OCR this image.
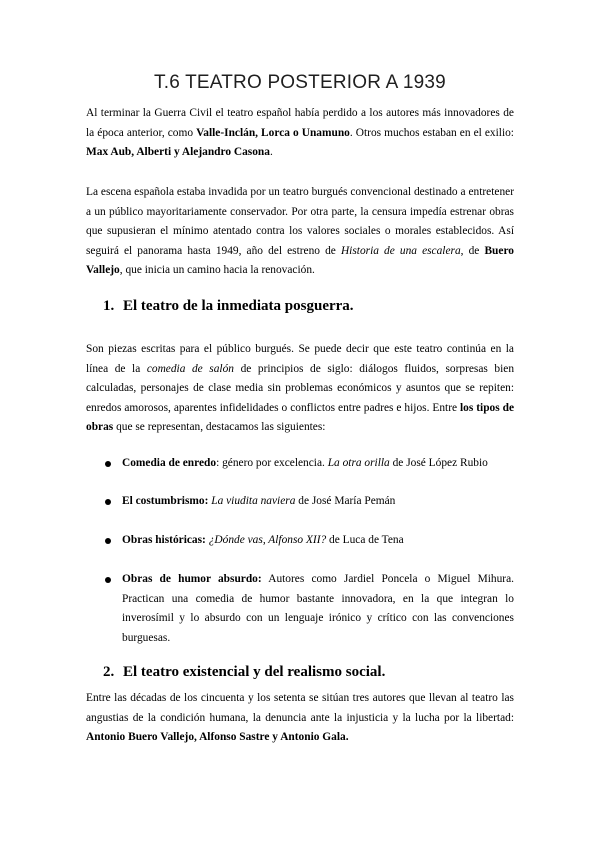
T.6 TEATRO POSTERIOR A 1939

Al terminar la Guerra Civil el teatro español había perdido a los autores más innovadores de la época anterior, como Valle-Inclán, Lorca o Unamuno. Otros muchos estaban en el exilio: Max Aub, Alberti y Alejandro Casona.

La escena española estaba invadida por un teatro burgués convencional destinado a entretener a un público mayoritariamente conservador. Por otra parte, la censura impedía estrenar obras que supusieran el mínimo atentado contra los valores sociales o morales establecidos. Así seguirá el panorama hasta 1949, año del estreno de Historia de una escalera, de Buero Vallejo, que inicia un camino hacia la renovación.

1. El teatro de la inmediata posguerra.

Son piezas escritas para el público burgués. Se puede decir que este teatro continúa en la línea de la comedia de salón de principios de siglo: diálogos fluidos, sorpresas bien calculadas, personajes de clase media sin problemas económicos y asuntos que se repiten: enredos amorosos, aparentes infidelidades o conflictos entre padres e hijos. Entre los tipos de obras que se representan, destacamos las siguientes:

Comedia de enredo: género por excelencia. La otra orilla de José López Rubio

El costumbrismo: La viudita naviera de José María Pemán

Obras históricas: ¿Dónde vas, Alfonso XII? de Luca de Tena

Obras de humor absurdo: Autores como Jardiel Poncela o Miguel Mihura. Practican una comedia de humor bastante innovadora, en la que integran lo inverosímil y lo absurdo con un lenguaje irónico y crítico con las convenciones burguesas.

2. El teatro existencial y del realismo social.

Entre las décadas de los cincuenta y los setenta se sitúan tres autores que llevan al teatro las angustias de la condición humana, la denuncia ante la injusticia y la lucha por la libertad: Antonio Buero Vallejo, Alfonso Sastre y Antonio Gala.
